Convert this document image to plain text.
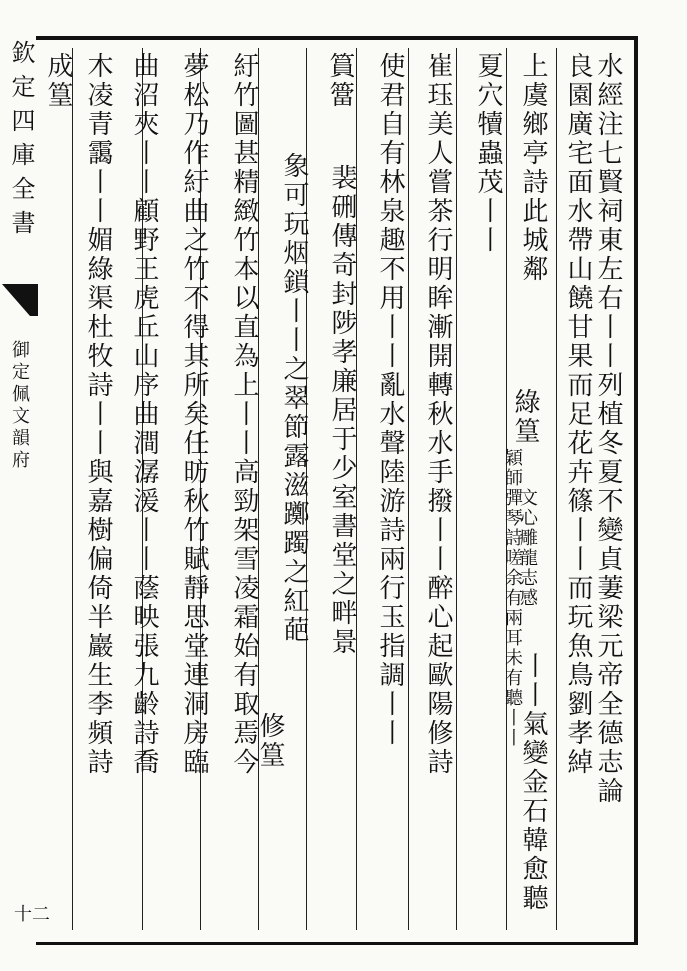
欽定四庫全書
御定佩文韻府
十二
水經注七賢祠東左右丨丨列植冬夏不變貞萋梁元帝全德志論
良園廣宅面水帶山饒甘果而足花卉篠丨丨而玩魚鳥劉孝綽
上虞鄉亭詩此城鄰
綠篁
文心雕龍志感
丨丨氣變金石韓愈聽
夏穴犢蟲茂丨丨
穎師彈琴詩嗟余有兩耳未有聽丨丨
崔珏美人嘗茶行明眸漸開轉秋水手撥丨丨醉心起歐陽修詩
使君自有林泉趣不用丨丨亂水聲陸游詩兩行玉指調丨丨
篔簹
裴硎傳奇封陟孝廉居于少室書堂之畔景
象可玩烟鎖丨丨之翠節露滋躑躅之紅葩
修篁
紆竹圖甚精緻竹本以直為上丨丨高勁架雪凌霜始有取焉今
夢松乃作紆曲之竹不得其所矣任昉秋竹賦靜思堂連洞房臨
曲沼夾丨丨顧野王虎丘山序曲澗潺湲丨丨蔭映張九齡詩喬
木凌青靄丨丨媚綠渠杜牧詩丨丨與嘉樹偏倚半巖生李頻詩
成篁
